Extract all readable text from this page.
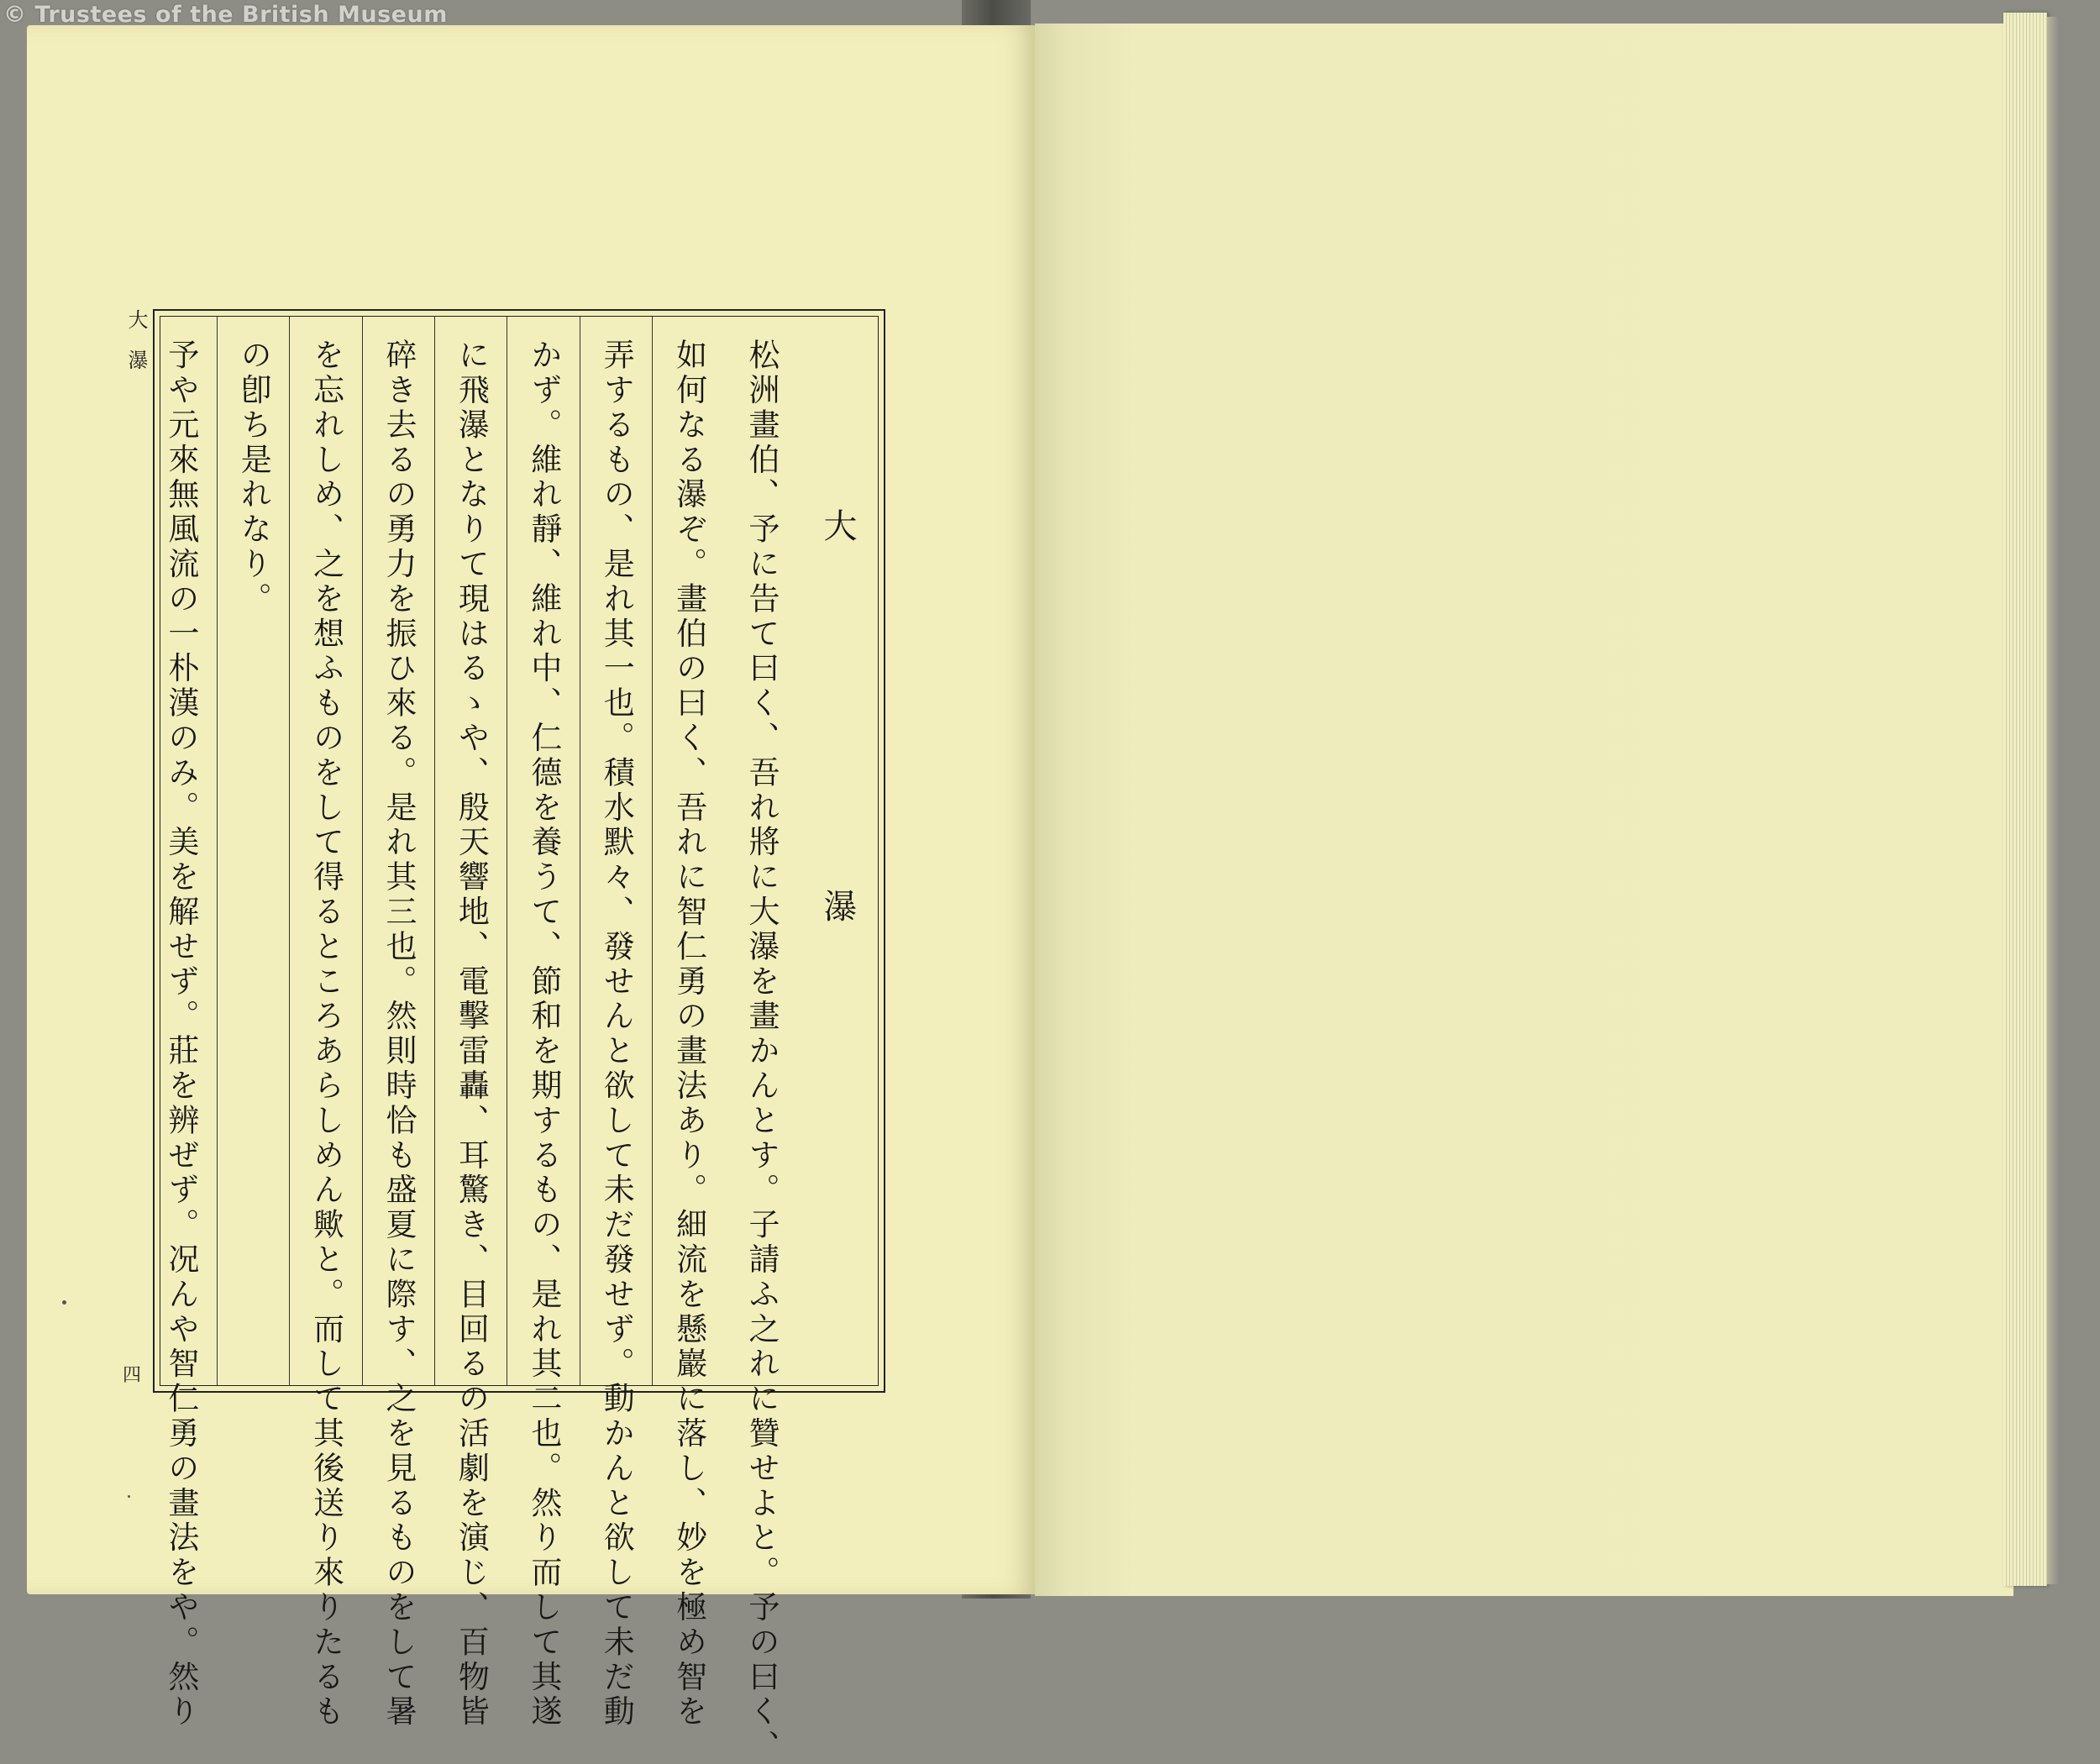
大瀑
四
大 瀑
松洲畫伯、予に告て曰く、吾れ將に大瀑を畫かんとす。子請ふ之れに贊せよと。予の曰く、
如何なる瀑ぞ。畫伯の曰く、吾れに智仁勇の畫法あり。細流を懸巖に落し、妙を極め智を
弄するもの、是れ其一也。積水默々、發せんと欲して未だ發せず。動かんと欲して未だ動
かず。維れ靜、維れ中、仁德を養うて、節和を期するもの、是れ其二也。然り而して其遂
に飛瀑となりて現はるゝや、殷天響地、電擊雷轟、耳驚き、目回るの活劇を演じ、百物皆
碎き去るの勇力を振ひ來る。是れ其三也。然則時恰も盛夏に際す、之を見るものをして暑
を忘れしめ、之を想ふものをして得るところあらしめん歟と。而して其後送り來りたるも
の卽ち是れなり。
予や元來無風流の一朴漢のみ。美を解せず。莊を辨ぜず。况んや智仁勇の畫法をや。然り
© Trustees of the British Museum
